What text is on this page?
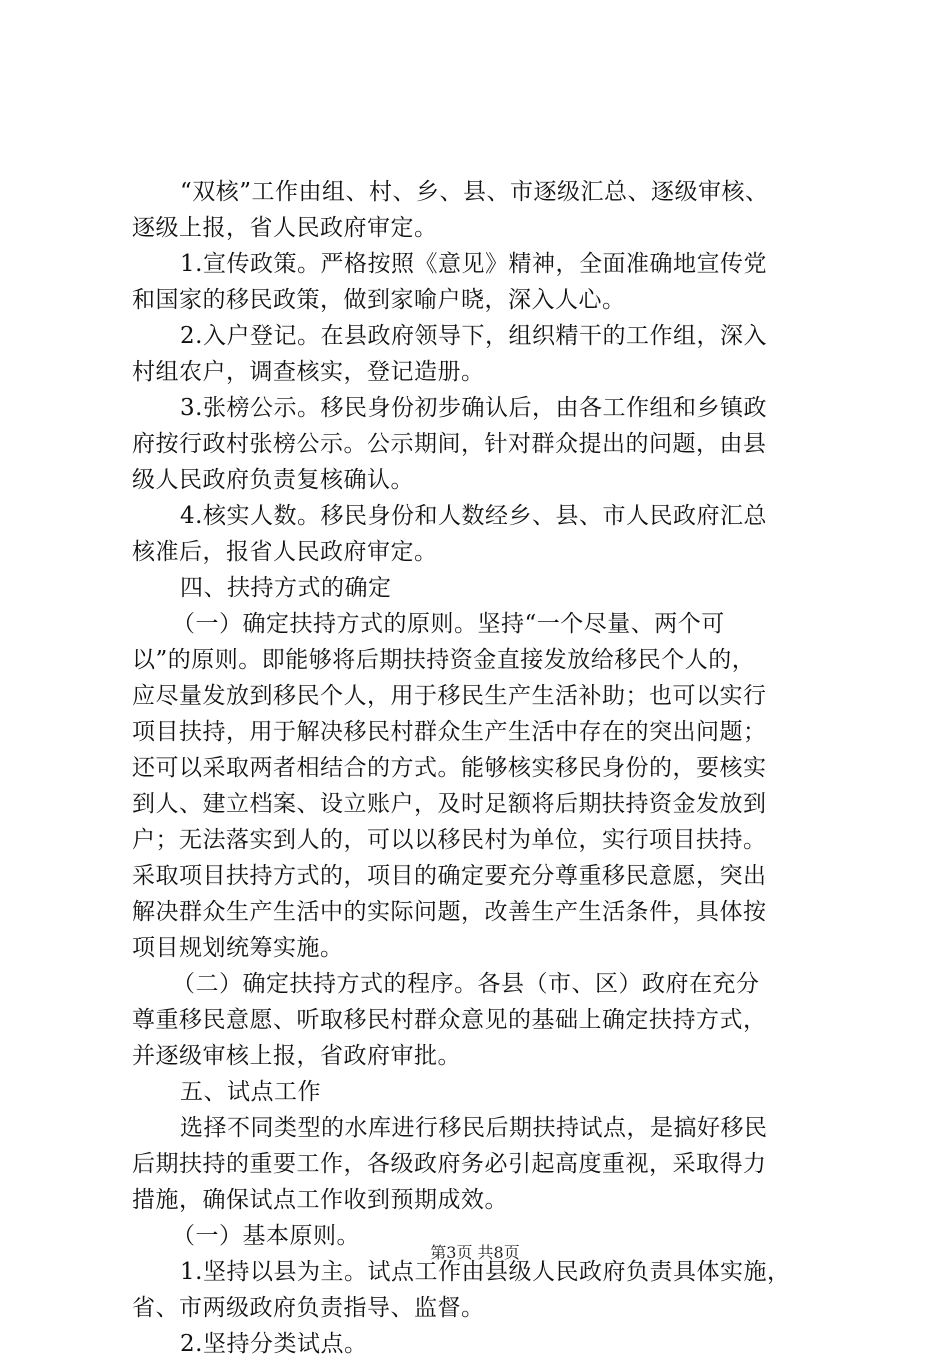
“双核”工作由组、村、乡、县、市逐级汇总、逐级审核、
逐级上报，省人民政府审定。
1.宣传政策。严格按照《意见》精神，全面准确地宣传党
和国家的移民政策，做到家喻户晓，深入人心。
2.入户登记。在县政府领导下，组织精干的工作组，深入
村组农户，调查核实，登记造册。
3.张榜公示。移民身份初步确认后，由各工作组和乡镇政
府按行政村张榜公示。公示期间，针对群众提出的问题，由县
级人民政府负责复核确认。
4.核实人数。移民身份和人数经乡、县、市人民政府汇总
核准后，报省人民政府审定。
四、扶持方式的确定
（一）确定扶持方式的原则。坚持“一个尽量、两个可
以”的原则。即能够将后期扶持资金直接发放给移民个人的，
应尽量发放到移民个人，用于移民生产生活补助；也可以实行
项目扶持，用于解决移民村群众生产生活中存在的突出问题；
还可以采取两者相结合的方式。能够核实移民身份的，要核实
到人、建立档案、设立账户，及时足额将后期扶持资金发放到
户；无法落实到人的，可以以移民村为单位，实行项目扶持。
采取项目扶持方式的，项目的确定要充分尊重移民意愿，突出
解决群众生产生活中的实际问题，改善生产生活条件，具体按
项目规划统筹实施。
（二）确定扶持方式的程序。各县（市、区）政府在充分
尊重移民意愿、听取移民村群众意见的基础上确定扶持方式，
并逐级审核上报，省政府审批。
五、试点工作
选择不同类型的水库进行移民后期扶持试点，是搞好移民
后期扶持的重要工作，各级政府务必引起高度重视，采取得力
措施，确保试点工作收到预期成效。
（一）基本原则。
1.坚持以县为主。试点工作由县级人民政府负责具体实施，
省、市两级政府负责指导、监督。
2.坚持分类试点。
第3页 共8页
